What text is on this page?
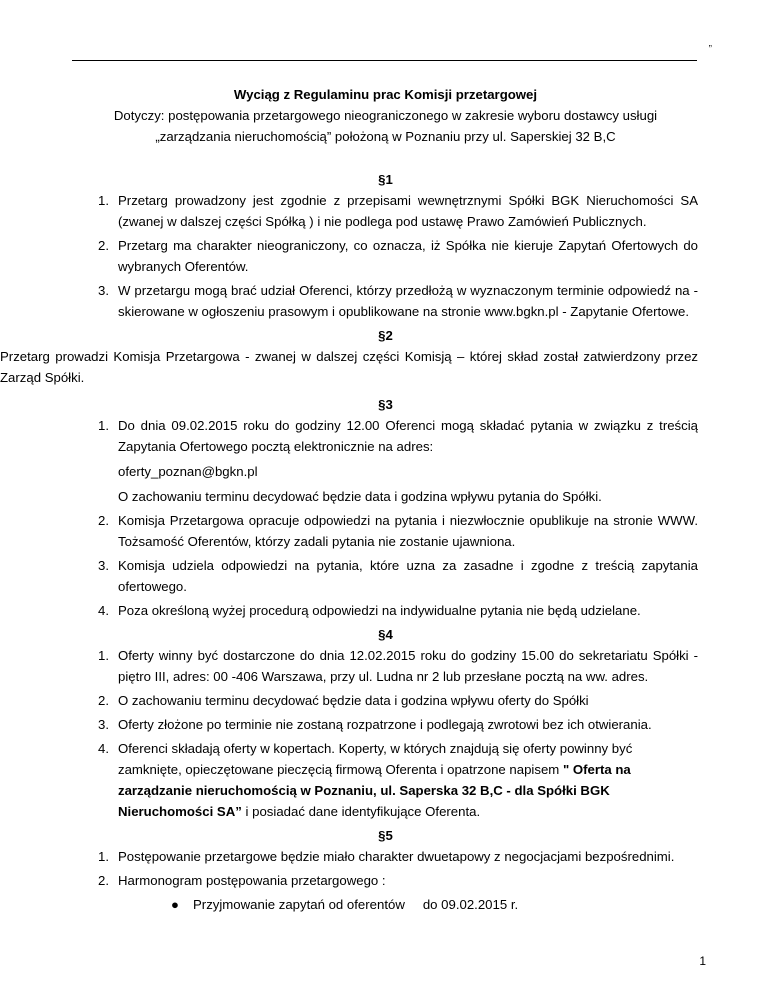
„
Wyciąg z Regulaminu prac Komisji przetargowej
Dotyczy: postępowania przetargowego nieograniczonego w zakresie wyboru dostawcy usługi
„zarządzania nieruchomością” położoną w Poznaniu przy ul. Saperskiej 32 B,C
§1
1. Przetarg prowadzony jest zgodnie z przepisami wewnętrznymi Spółki BGK Nieruchomości SA (zwanej w dalszej części Spółką ) i nie podlega pod ustawę Prawo Zamówień Publicznych.
2. Przetarg ma charakter nieograniczony, co oznacza, iż Spółka nie kieruje Zapytań Ofertowych do wybranych Oferentów.
3. W przetargu mogą brać udział Oferenci, którzy przedłożą w wyznaczonym terminie odpowiedź na - skierowane w ogłoszeniu prasowym i opublikowane na stronie www.bgkn.pl - Zapytanie Ofertowe.
§2
Przetarg prowadzi Komisja Przetargowa - zwanej w dalszej części Komisją – której skład został zatwierdzony przez Zarząd Spółki.
§3
1. Do dnia 09.02.2015 roku do godziny 12.00 Oferenci mogą składać pytania w związku z treścią Zapytania Ofertowego pocztą elektronicznie na adres:
oferty_poznan@bgkn.pl
O zachowaniu terminu decydować będzie data i godzina wpływu pytania do Spółki.
2. Komisja Przetargowa opracuje odpowiedzi na pytania i niezwłocznie opublikuje na stronie WWW. Tożsamość Oferentów, którzy zadali pytania nie zostanie ujawniona.
3. Komisja udziela odpowiedzi na pytania, które uzna za zasadne i zgodne z treścią zapytania ofertowego.
4. Poza określoną wyżej procedurą odpowiedzi na indywidualne pytania nie będą udzielane.
§4
1. Oferty winny być dostarczone do dnia 12.02.2015 roku do godziny 15.00 do sekretariatu Spółki - piętro III, adres: 00 -406 Warszawa, przy ul. Ludna nr 2 lub przesłane pocztą na ww. adres.
2. O zachowaniu terminu decydować będzie data i godzina wpływu oferty do Spółki
3. Oferty złożone po terminie nie zostaną rozpatrzone i podlegają zwrotowi bez ich otwierania.
4. Oferenci składają oferty w kopertach. Koperty, w których znajdują się oferty powinny być zamknięte, opieczętowane pieczęcią firmową Oferenta i opatrzone napisem " Oferta na zarządzanie nieruchomością w Poznaniu, ul. Saperska 32 B,C - dla Spółki BGK Nieruchomości SA” i posiadać dane identyfikujące Oferenta.
§5
1. Postępowanie przetargowe będzie miało charakter dwuetapowy z negocjacjami bezpośrednimi.
2. Harmonogram postępowania przetargowego :
● Przyjmowanie zapytań od oferentów do 09.02.2015 r.
1
